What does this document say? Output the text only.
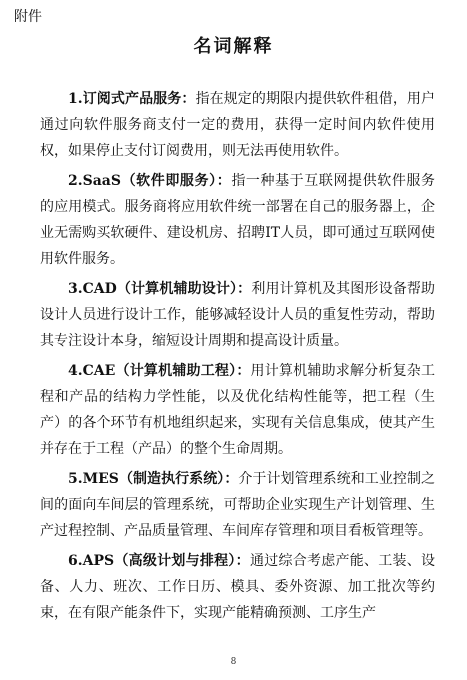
附件
名词解释

1.订阅式产品服务：指在规定的期限内提供软件租借，用户通过向软件服务商支付一定的费用，获得一定时间内软件使用权，如果停止支付订阅费用，则无法再使用软件。

2.SaaS（软件即服务）：指一种基于互联网提供软件服务的应用模式。服务商将应用软件统一部署在自己的服务器上，企业无需购买软硬件、建设机房、招聘IT人员，即可通过互联网使用软件服务。

3.CAD（计算机辅助设计）：利用计算机及其图形设备帮助设计人员进行设计工作，能够减轻设计人员的重复性劳动，帮助其专注设计本身，缩短设计周期和提高设计质量。

4.CAE（计算机辅助工程）：用计算机辅助求解分析复杂工程和产品的结构力学性能，以及优化结构性能等，把工程（生产）的各个环节有机地组织起来，实现有关信息集成，使其产生并存在于工程（产品）的整个生命周期。

5.MES（制造执行系统）：介于计划管理系统和工业控制之间的面向车间层的管理系统，可帮助企业实现生产计划管理、生产过程控制、产品质量管理、车间库存管理和项目看板管理等。

6.APS（高级计划与排程）：通过综合考虑产能、工装、设备、人力、班次、工作日历、模具、委外资源、加工批次等约束，在有限产能条件下，实现产能精确预测、工序生产

8
